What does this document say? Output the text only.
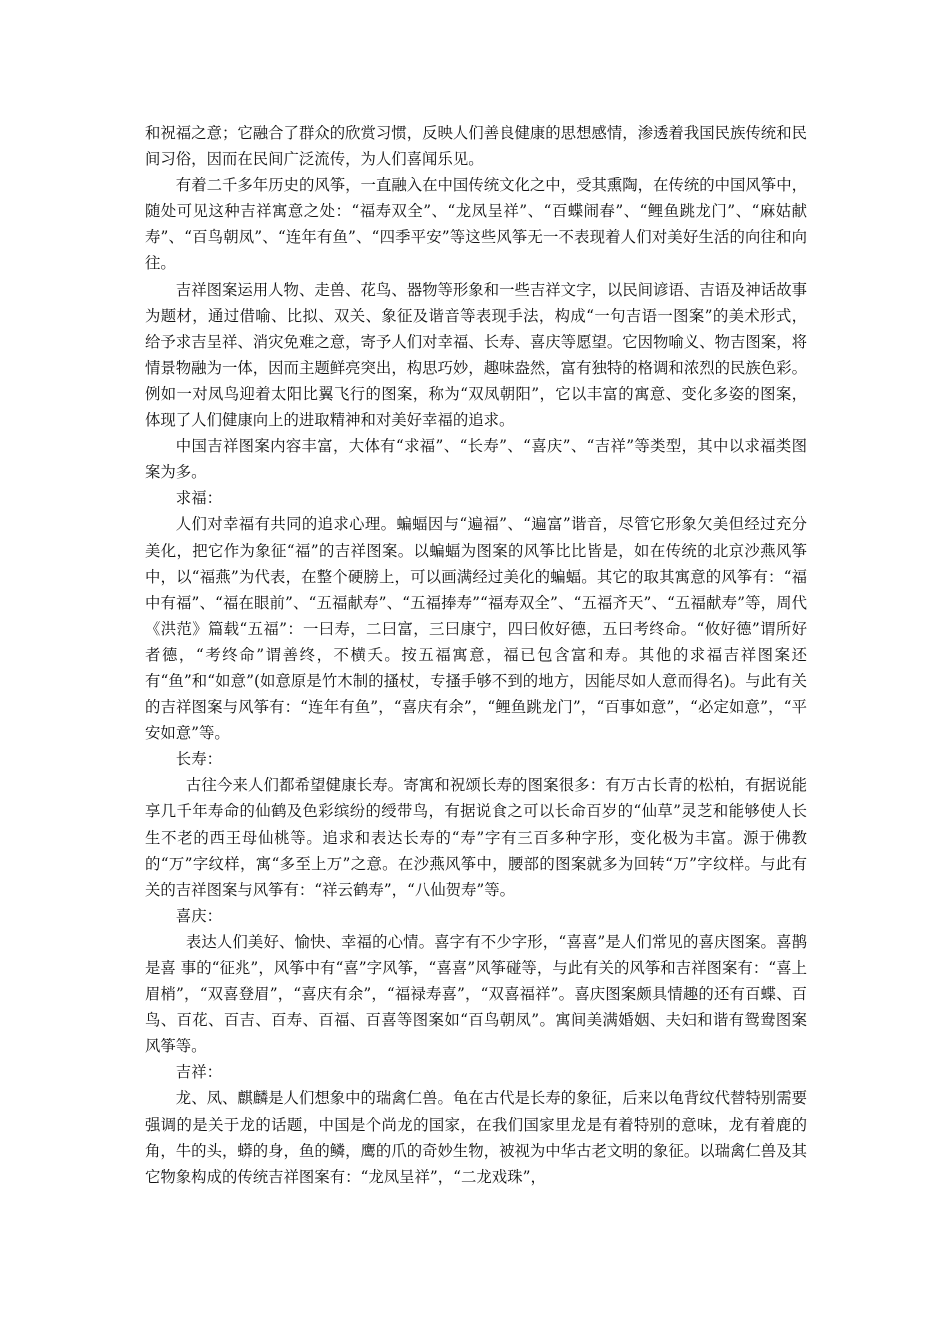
和祝福之意；它融合了群众的欣赏习惯，反映人们善良健康的思想感情，渗透着我国民族传统和民间习俗，因而在民间广泛流传，为人们喜闻乐见。

有着二千多年历史的风筝，一直融入在中国传统文化之中，受其熏陶，在传统的中国风筝中，随处可见这种吉祥寓意之处：“福寿双全”、“龙凤呈祥”、“百蝶闹春”、“鲤鱼跳龙门”、“麻姑献寿”、“百鸟朝凤”、“连年有鱼”、“四季平安”等这些风筝无一不表现着人们对美好生活的向往和向往。

吉祥图案运用人物、走兽、花鸟、器物等形象和一些吉祥文字，以民间谚语、吉语及神话故事为题材，通过借喻、比拟、双关、象征及谐音等表现手法，构成“一句吉语一图案”的美术形式，给予求吉呈祥、消灾免难之意，寄予人们对幸福、长寿、喜庆等愿望。它因物喻义、物吉图案，将情景物融为一体，因而主题鲜亮突出，构思巧妙，趣味盎然，富有独特的格调和浓烈的民族色彩。例如一对凤鸟迎着太阳比翼飞行的图案，称为“双凤朝阳”，它以丰富的寓意、变化多姿的图案，体现了人们健康向上的进取精神和对美好幸福的追求。

中国吉祥图案内容丰富，大体有“求福”、“长寿”、“喜庆”、“吉祥”等类型，其中以求福类图案为多。

求福：

人们对幸福有共同的追求心理。蝙蝠因与“遍福”、“遍富”谐音，尽管它形象欠美但经过充分美化，把它作为象征“福”的吉祥图案。以蝙蝠为图案的风筝比比皆是，如在传统的北京沙燕风筝中，以“福燕”为代表，在整个硬膀上，可以画满经过美化的蝙蝠。其它的取其寓意的风筝有：“福中有福”、“福在眼前”、“五福献寿”、“五福捧寿”“福寿双全”、“五福齐天”、“五福献寿”等，周代《洪范》篇载“五福”：一曰寿，二曰富，三曰康宁，四曰攸好德，五曰考终命。“攸好德”谓所好者德，“考终命”谓善终，不横夭。按五福寓意，福已包含富和寿。其他的求福吉祥图案还有“鱼”和“如意”(如意原是竹木制的搔杖，专搔手够不到的地方，因能尽如人意而得名)。与此有关的吉祥图案与风筝有：“连年有鱼”，“喜庆有余”，“鲤鱼跳龙门”，“百事如意”，“必定如意”，“平安如意”等。

长寿：

古往今来人们都希望健康长寿。寄寓和祝颂长寿的图案很多：有万古长青的松柏，有据说能享几千年寿命的仙鹤及色彩缤纷的绶带鸟，有据说食之可以长命百岁的“仙草”灵芝和能够使人长生不老的西王母仙桃等。追求和表达长寿的“寿”字有三百多种字形，变化极为丰富。源于佛教的“万”字纹样，寓“多至上万”之意。在沙燕风筝中，腰部的图案就多为回转“万”字纹样。与此有关的吉祥图案与风筝有：“祥云鹤寿”，“八仙贺寿”等。

喜庆：

表达人们美好、愉快、幸福的心情。喜字有不少字形，“喜喜”是人们常见的喜庆图案。喜鹊是喜 事的“征兆”，风筝中有“喜”字风筝，“喜喜”风筝碰等，与此有关的风筝和吉祥图案有：“喜上眉梢”，“双喜登眉”，“喜庆有余”，“福禄寿喜”，“双喜福祥”。喜庆图案颇具情趣的还有百蝶、百鸟、百花、百吉、百寿、百福、百喜等图案如“百鸟朝凤”。寓间美满婚姻、夫妇和谐有鸳鸯图案风筝等。

吉祥：

龙、凤、麒麟是人们想象中的瑞禽仁兽。龟在古代是长寿的象征，后来以龟背纹代替特别需要强调的是关于龙的话题，中国是个尚龙的国家，在我们国家里龙是有着特别的意味，龙有着鹿的角，牛的头，蟒的身，鱼的鳞，鹰的爪的奇妙生物，被视为中华古老文明的象征。以瑞禽仁兽及其它物象构成的传统吉祥图案有：“龙凤呈祥”，“二龙戏珠”，
